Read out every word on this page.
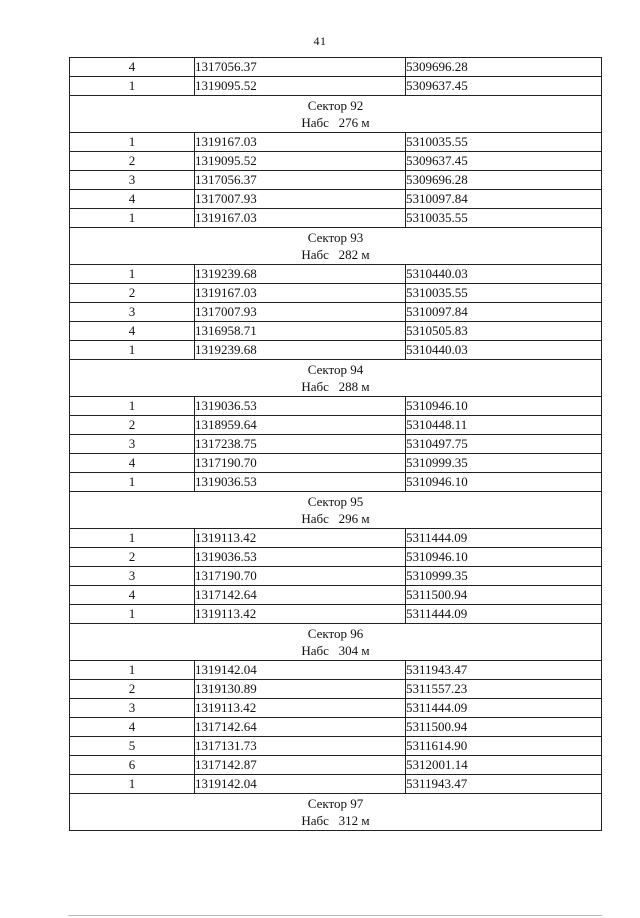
41
4	1317056.37	5309696.28
1	1319095.52	5309637.45

Сектор 92
Набс   276 м		

1	1319167.03	5310035.55
2	1319095.52	5309637.45
3	1317056.37	5309696.28
4	1317007.93	5310097.84
1	1319167.03	5310035.55

Сектор 93
Набс   282 м		

1	1319239.68	5310440.03
2	1319167.03	5310035.55
3	1317007.93	5310097.84
4	1316958.71	5310505.83
1	1319239.68	5310440.03

Сектор 94
Набс   288 м		

1	1319036.53	5310946.10
2	1318959.64	5310448.11
3	1317238.75	5310497.75
4	1317190.70	5310999.35
1	1319036.53	5310946.10

Сектор 95
Набс   296 м		

1	1319113.42	5311444.09
2	1319036.53	5310946.10
3	1317190.70	5310999.35
4	1317142.64	5311500.94
1	1319113.42	5311444.09

Сектор 96
Набс   304 м		

1	1319142.04	5311943.47
2	1319130.89	5311557.23
3	1319113.42	5311444.09
4	1317142.64	5311500.94
5	1317131.73	5311614.90
6	1317142.87	5312001.14
1	1319142.04	5311943.47

Сектор 97
Набс   312 м		
